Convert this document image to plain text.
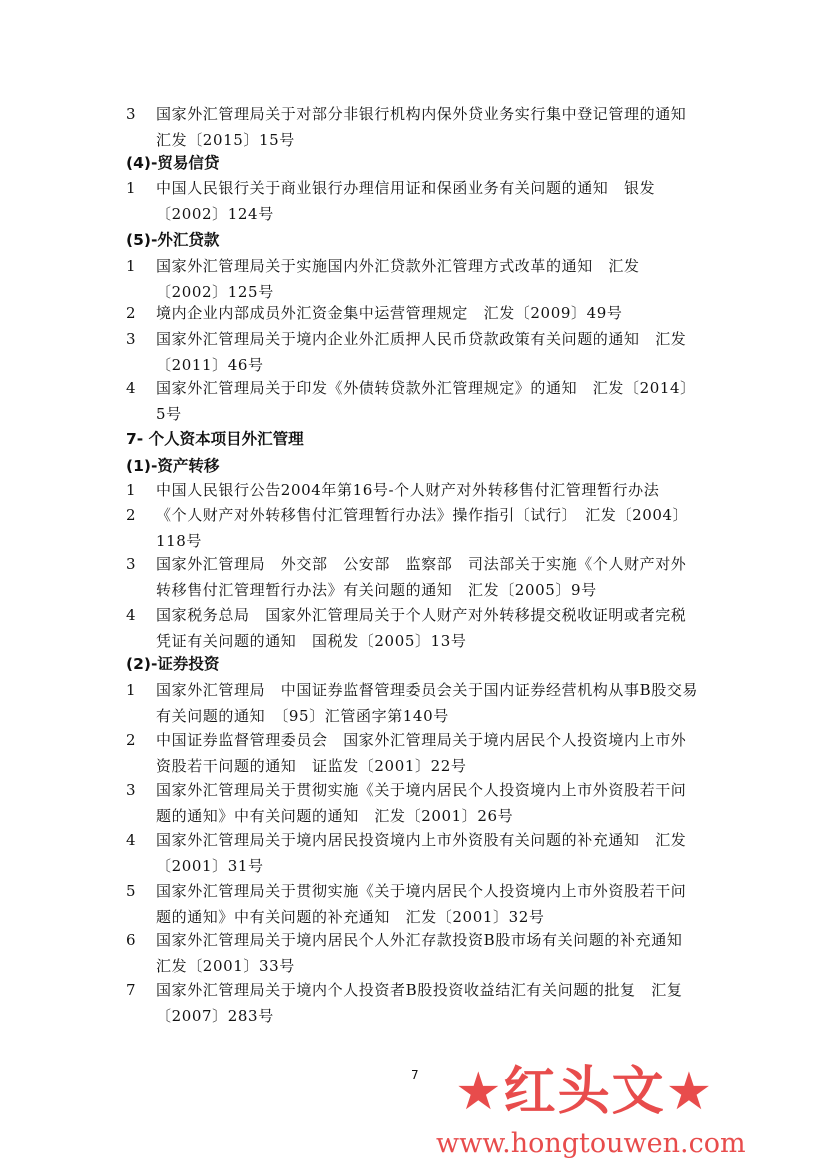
3 国家外汇管理局关于对部分非银行机构内保外贷业务实行集中登记管理的通知　　汇发〔2015〕15号
(4)-贸易信贷
1 中国人民银行关于商业银行办理信用证和保函业务有关问题的通知　银发〔2002〕124号
(5)-外汇贷款
1 国家外汇管理局关于实施国内外汇贷款外汇管理方式改革的通知　汇发〔2002〕125号
2 境内企业内部成员外汇资金集中运营管理规定　汇发〔2009〕49号
3 国家外汇管理局关于境内企业外汇质押人民币贷款政策有关问题的通知　汇发〔2011〕46号
4 国家外汇管理局关于印发《外债转贷款外汇管理规定》的通知　汇发〔2014〕5号
7- 个人资本项目外汇管理
(1)-资产转移
1 中国人民银行公告2004年第16号-个人财产对外转移售付汇管理暂行办法
2 《个人财产对外转移售付汇管理暂行办法》操作指引〔试行〕　汇发〔2004〕118号
3 国家外汇管理局　外交部　公安部　监察部　司法部关于实施《个人财产对外转移售付汇管理暂行办法》有关问题的通知　汇发〔2005〕9号
4 国家税务总局　国家外汇管理局关于个人财产对外转移提交税收证明或者完税凭证有关问题的通知　国税发〔2005〕13号
(2)-证券投资
1 国家外汇管理局　中国证券监督管理委员会关于国内证券经营机构从事B股交易有关问题的通知　〔95〕汇管函字第140号
2 中国证券监督管理委员会　国家外汇管理局关于境内居民个人投资境内上市外资股若干问题的通知　证监发〔2001〕22号
3 国家外汇管理局关于贯彻实施《关于境内居民个人投资境内上市外资股若干问题的通知》中有关问题的通知　汇发〔2001〕26号
4 国家外汇管理局关于境内居民投资境内上市外资股有关问题的补充通知　汇发〔2001〕31号
5 国家外汇管理局关于贯彻实施《关于境内居民个人投资境内上市外资股若干问题的通知》中有关问题的补充通知　汇发〔2001〕32号
6 国家外汇管理局关于境内居民个人外汇存款投资B股市场有关问题的补充通知　汇发〔2001〕33号
7 国家外汇管理局关于境内个人投资者B股投资收益结汇有关问题的批复　汇复〔2007〕283号
7 ★红头文★
www.hongtouwen.com
